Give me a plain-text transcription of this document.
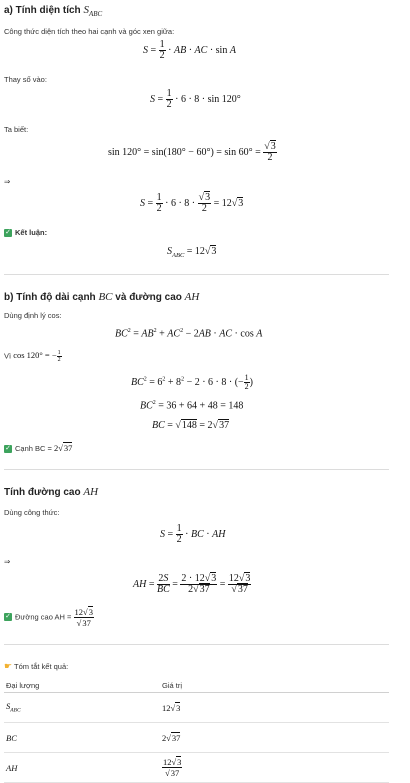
a) Tính diện tích $S_{ABC}$
Công thức diện tích theo hai cạnh và góc xen giữa:
$S = \frac{1}{2}$ · AB · AC · sin A
Thay số vào:
$S = \frac{1}{2} \cdot 6 \cdot 8 \cdot \sin 120^\circ$
Ta biết:
$\sin 120^\circ = \sin(180^\circ - 60^\circ) = \sin 60^\circ = \frac{√3}{2}$
⇒
$S = \frac{1}{2} \cdot 6 \cdot 8 \cdot \frac{√3}{2} = 12√3$
✓ Kết luận:
$S_{ABC} = 12√3$
b) Tính độ dài cạnh BC và đường cao AH
Dùng định lý cos:
$BC^2 = AB^2 + AC^2 - 2AB$ · AC · cos A
Vì cos 120° = − $\frac{1}{2}$
$BC^2 = 6^2 + 8^2 - 2 \cdot 6 \cdot 8$ · (− $\frac{1}{2}$ )
$BC^2 = 36 + 64 + 48 = 148$
BC = √148 = 2√37
✓ Cạnh BC = 2√37
Tính đường cao AH
Dùng công thức:
$S = \frac{1}{2}$ · BC · AH
⇒
AH = $\frac{2S}{BC} = \frac{2 \cdot 12√3}{2√37} = \frac{12√3}{√37}$
✓ Đường cao AH = $\frac{12√3}{√37}$
☛ Tóm tắt kết quả:
Đại lượng	Giá trị
$S_{ABC}$	12√3
BC	2√37
AH	$\frac{12√3}{√37}$
